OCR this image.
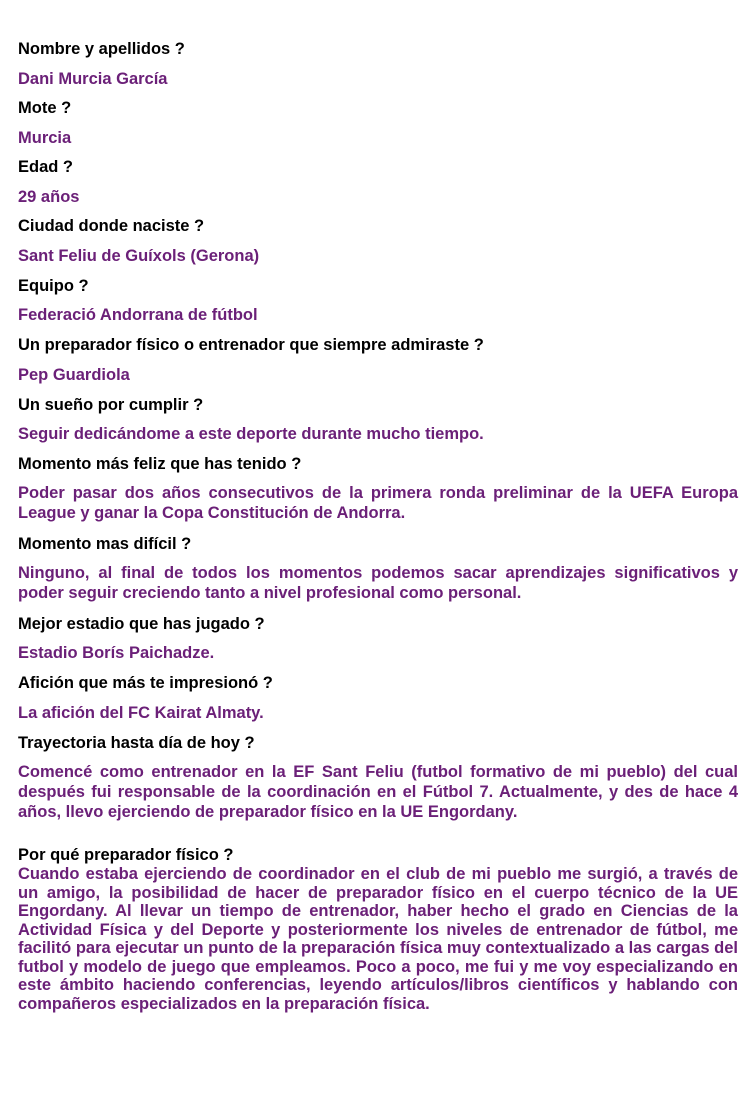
Nombre y apellidos ?
Dani Murcia García
Mote ?
Murcia
Edad ?
29 años
Ciudad donde naciste ?
Sant Feliu de Guíxols (Gerona)
Equipo ?
Federació Andorrana de fútbol
Un preparador físico o entrenador que siempre admiraste ?
Pep Guardiola
Un sueño por cumplir ?
Seguir dedicándome a este deporte durante mucho tiempo.
Momento más feliz que has tenido ?
Poder pasar dos años consecutivos de la primera ronda preliminar de la UEFA Europa League y ganar la Copa Constitución de Andorra.
Momento mas difícil ?
Ninguno, al final de todos los momentos podemos sacar aprendizajes significativos y poder seguir creciendo tanto a nivel profesional como personal.
Mejor estadio que has jugado ?
Estadio Borís Paichadze.
Afición que más te impresionó ?
La afición del FC Kairat Almaty.
Trayectoria hasta día de hoy ?
Comencé como entrenador en la EF Sant Feliu (futbol formativo de mi pueblo) del cual después fui responsable de la coordinación en el Fútbol 7. Actualmente, y des de hace 4 años, llevo ejerciendo de preparador físico en la UE Engordany.
Por qué preparador físico ?
Cuando estaba ejerciendo de coordinador en el club de mi pueblo me surgió, a través de un amigo, la posibilidad de hacer de preparador físico en el cuerpo técnico de la UE Engordany. Al llevar un tiempo de entrenador, haber hecho el grado en Ciencias de la Actividad Física y del Deporte y posteriormente los niveles de entrenador de fútbol, me facilitó para ejecutar un punto de la preparación física muy contextualizado a las cargas del futbol y modelo de juego que empleamos. Poco a poco, me fui y me voy especializando en este ámbito haciendo conferencias, leyendo artículos/libros científicos y hablando con compañeros especializados en la preparación física.
